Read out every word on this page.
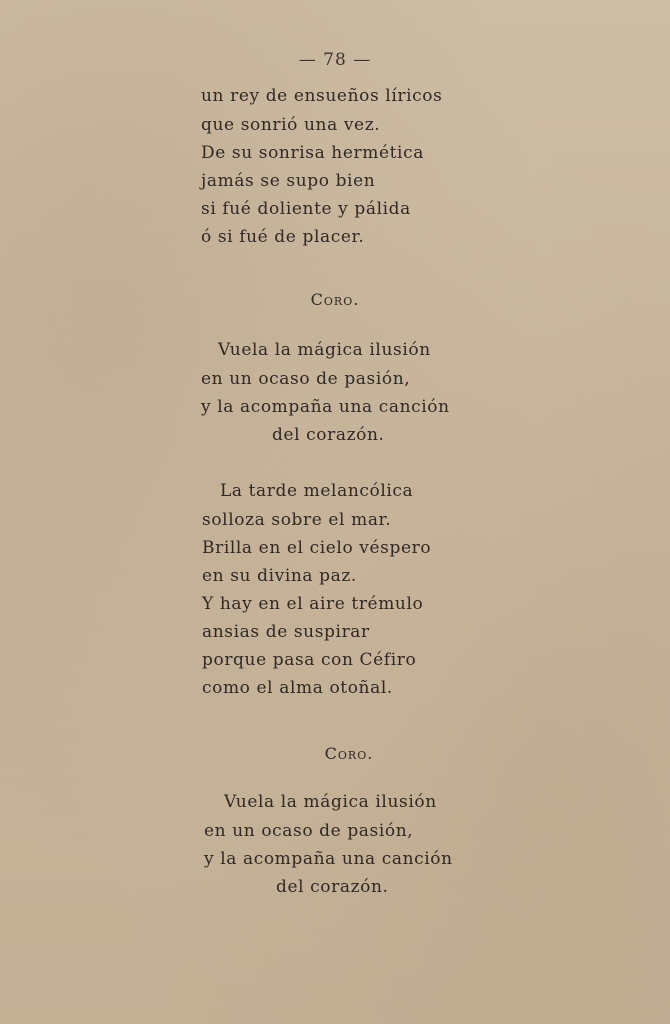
— 78 —
un rey de ensueños líricos
que sonrió una vez.
De su sonrisa hermética
jamás se supo bien
si fué doliente y pálida
ó si fué de placer.
Coro.
Vuela la mágica ilusión
en un ocaso de pasión,
y la acompaña una canción
del corazón.
La tarde melancólica
solloza sobre el mar.
Brilla en el cielo véspero
en su divina paz.
Y hay en el aire trémulo
ansias de suspirar
porque pasa con Céfiro
como el alma otoñal.
Coro.
Vuela la mágica ilusión
en un ocaso de pasión,
y la acompaña una canción
del corazón.
